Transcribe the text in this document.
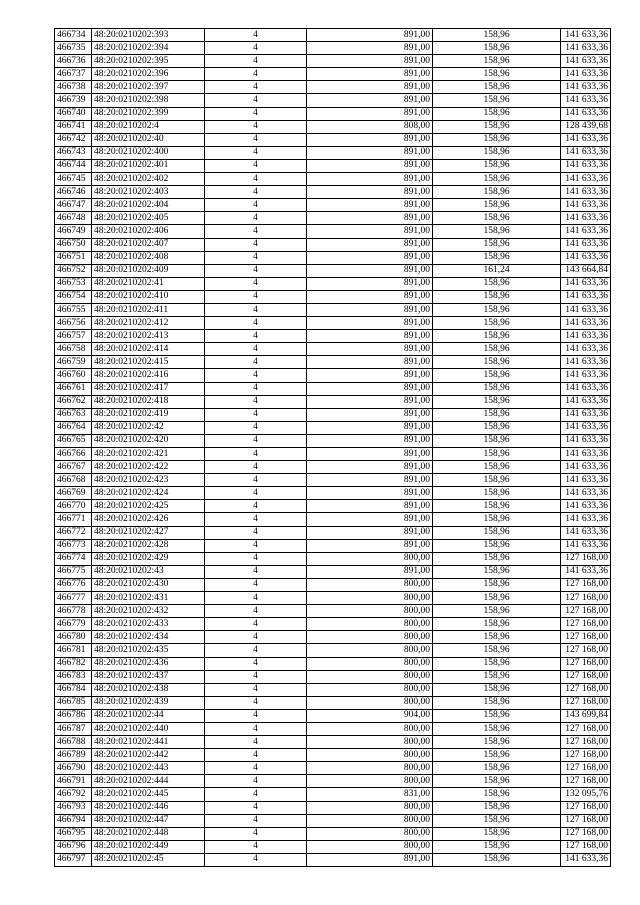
466734	48:20:0210202:393	4	891,00	158,96	141 633,36
466735	48:20:0210202:394	4	891,00	158,96	141 633,36
466736	48:20:0210202:395	4	891,00	158,96	141 633,36
466737	48:20:0210202:396	4	891,00	158,96	141 633,36
466738	48:20:0210202:397	4	891,00	158,96	141 633,36
466739	48:20:0210202:398	4	891,00	158,96	141 633,36
466740	48:20:0210202:399	4	891,00	158,96	141 633,36
466741	48:20:0210202:4	4	808,00	158,96	128 439,68
466742	48:20:0210202:40	4	891,00	158,96	141 633,36
466743	48:20:0210202:400	4	891,00	158,96	141 633,36
466744	48:20:0210202:401	4	891,00	158,96	141 633,36
466745	48:20:0210202:402	4	891,00	158,96	141 633,36
466746	48:20:0210202:403	4	891,00	158,96	141 633,36
466747	48:20:0210202:404	4	891,00	158,96	141 633,36
466748	48:20:0210202:405	4	891,00	158,96	141 633,36
466749	48:20:0210202:406	4	891,00	158,96	141 633,36
466750	48:20:0210202:407	4	891,00	158,96	141 633,36
466751	48:20:0210202:408	4	891,00	158,96	141 633,36
466752	48:20:0210202:409	4	891,00	161,24	143 664,84
466753	48:20:0210202:41	4	891,00	158,96	141 633,36
466754	48:20:0210202:410	4	891,00	158,96	141 633,36
466755	48:20:0210202:411	4	891,00	158,96	141 633,36
466756	48:20:0210202:412	4	891,00	158,96	141 633,36
466757	48:20:0210202:413	4	891,00	158,96	141 633,36
466758	48:20:0210202:414	4	891,00	158,96	141 633,36
466759	48:20:0210202:415	4	891,00	158,96	141 633,36
466760	48:20:0210202:416	4	891,00	158,96	141 633,36
466761	48:20:0210202:417	4	891,00	158,96	141 633,36
466762	48:20:0210202:418	4	891,00	158,96	141 633,36
466763	48:20:0210202:419	4	891,00	158,96	141 633,36
466764	48:20:0210202:42	4	891,00	158,96	141 633,36
466765	48:20:0210202:420	4	891,00	158,96	141 633,36
466766	48:20:0210202:421	4	891,00	158,96	141 633,36
466767	48:20:0210202:422	4	891,00	158,96	141 633,36
466768	48:20:0210202:423	4	891,00	158,96	141 633,36
466769	48:20:0210202:424	4	891,00	158,96	141 633,36
466770	48:20:0210202:425	4	891,00	158,96	141 633,36
466771	48:20:0210202:426	4	891,00	158,96	141 633,36
466772	48:20:0210202:427	4	891,00	158,96	141 633,36
466773	48:20:0210202:428	4	891,00	158,96	141 633,36
466774	48:20:0210202:429	4	800,00	158,96	127 168,00
466775	48:20:0210202:43	4	891,00	158,96	141 633,36
466776	48:20:0210202:430	4	800,00	158,96	127 168,00
466777	48:20:0210202:431	4	800,00	158,96	127 168,00
466778	48:20:0210202:432	4	800,00	158,96	127 168,00
466779	48:20:0210202:433	4	800,00	158,96	127 168,00
466780	48:20:0210202:434	4	800,00	158,96	127 168,00
466781	48:20:0210202:435	4	800,00	158,96	127 168,00
466782	48:20:0210202:436	4	800,00	158,96	127 168,00
466783	48:20:0210202:437	4	800,00	158,96	127 168,00
466784	48:20:0210202:438	4	800,00	158,96	127 168,00
466785	48:20:0210202:439	4	800,00	158,96	127 168,00
466786	48:20:0210202:44	4	904,00	158,96	143 699,84
466787	48:20:0210202:440	4	800,00	158,96	127 168,00
466788	48:20:0210202:441	4	800,00	158,96	127 168,00
466789	48:20:0210202:442	4	800,00	158,96	127 168,00
466790	48:20:0210202:443	4	800,00	158,96	127 168,00
466791	48:20:0210202:444	4	800,00	158,96	127 168,00
466792	48:20:0210202:445	4	831,00	158,96	132 095,76
466793	48:20:0210202:446	4	800,00	158,96	127 168,00
466794	48:20:0210202:447	4	800,00	158,96	127 168,00
466795	48:20:0210202:448	4	800,00	158,96	127 168,00
466796	48:20:0210202:449	4	800,00	158,96	127 168,00
466797	48:20:0210202:45	4	891,00	158,96	141 633,36
